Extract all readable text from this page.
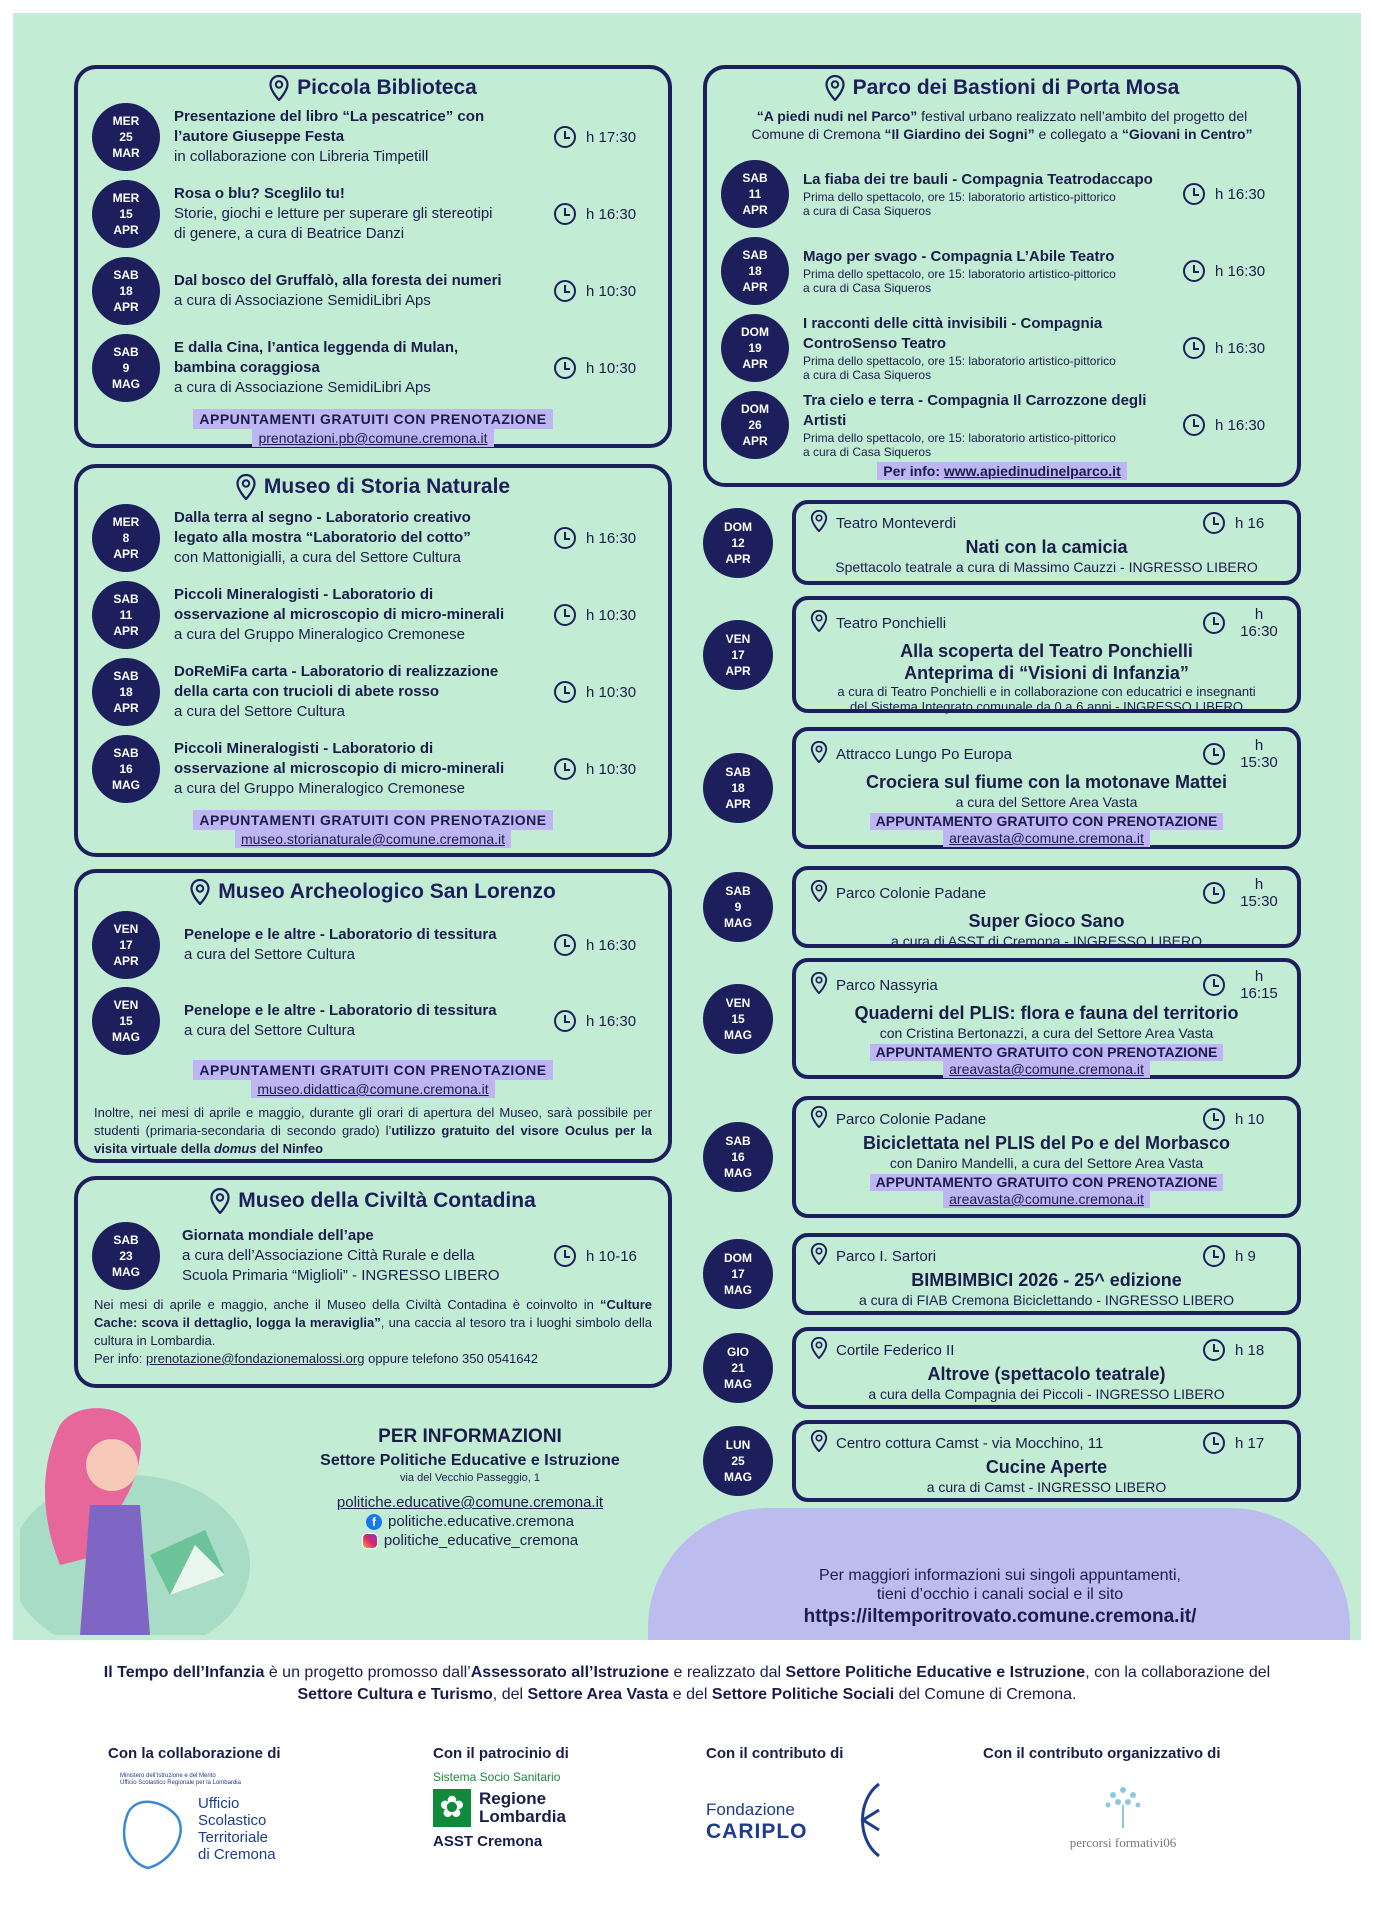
Piccola Biblioteca
MER
25
MAR
Presentazione del libro “La pescatrice” con
l’autore Giuseppe Festa
in collaborazione con Libreria Timpetill
h 17:30
MER
15
APR
Rosa o blu? Sceglilo tu!
Storie, giochi e letture per superare gli stereotipi
di genere, a cura di Beatrice Danzi
h 16:30
SAB
18
APR
Dal bosco del Gruffalò, alla foresta dei numeri
a cura di Associazione SemidiLibri Aps
h 10:30
SAB
9
MAG
E dalla Cina, l’antica leggenda di Mulan,
bambina coraggiosa
a cura di Associazione SemidiLibri Aps
h 10:30
APPUNTAMENTI GRATUITI CON PRENOTAZIONE
prenotazioni.pb@comune.cremona.it
Museo di Storia Naturale
MER
8
APR
Dalla terra al segno - Laboratorio creativo
legato alla mostra “Laboratorio del cotto”
con Mattonigialli, a cura del Settore Cultura
h 16:30
SAB
11
APR
Piccoli Mineralogisti - Laboratorio di
osservazione al microscopio di micro-minerali
a cura del Gruppo Mineralogico Cremonese
h 10:30
SAB
18
APR
DoReMiFa carta - Laboratorio di realizzazione
della carta con trucioli di abete rosso
a cura del Settore Cultura
h 10:30
SAB
16
MAG
Piccoli Mineralogisti - Laboratorio di
osservazione al microscopio di micro-minerali
a cura del Gruppo Mineralogico Cremonese
h 10:30
APPUNTAMENTI GRATUITI CON PRENOTAZIONE
museo.storianaturale@comune.cremona.it
Museo Archeologico San Lorenzo
VEN
17
APR
Penelope e le altre - Laboratorio di tessitura
a cura del Settore Cultura
h 16:30
VEN
15
MAG
Penelope e le altre - Laboratorio di tessitura
a cura del Settore Cultura
h 16:30
APPUNTAMENTI GRATUITI CON PRENOTAZIONE
museo.didattica@comune.cremona.it
Inoltre, nei mesi di aprile e maggio, durante gli orari di apertura del Museo, sarà possibile per studenti (primaria-secondaria di secondo grado) l’utilizzo gratuito del visore Oculus per la visita virtuale della domus del Ninfeo
Museo della Civiltà Contadina
SAB
23
MAG
Giornata mondiale dell’ape
a cura dell’Associazione Città Rurale e della
Scuola Primaria “Miglioli” - INGRESSO LIBERO
h 10-16
Nei mesi di aprile e maggio, anche il Museo della Civiltà Contadina è coinvolto in “Culture Cache: scova il dettaglio, logga la meraviglia”, una caccia al tesoro tra i luoghi simbolo della cultura in Lombardia.
Per info: prenotazione@fondazionemalossi.org oppure telefono 350 0541642
Parco dei Bastioni di Porta Mosa
“A piedi nudi nel Parco” festival urbano realizzato nell’ambito del progetto del
Comune di Cremona “Il Giardino dei Sogni” e collegato a “Giovani in Centro”
SAB
11
APR
La fiaba dei tre bauli - Compagnia Teatrodaccapo
Prima dello spettacolo, ore 15: laboratorio artistico-pittorico
a cura di Casa Siqueros
h 16:30
SAB
18
APR
Mago per svago - Compagnia L’Abile Teatro
Prima dello spettacolo, ore 15: laboratorio artistico-pittorico
a cura di Casa Siqueros
h 16:30
DOM
19
APR
I racconti delle città invisibili - Compagnia
ControSenso Teatro
Prima dello spettacolo, ore 15: laboratorio artistico-pittorico
a cura di Casa Siqueros
h 16:30
DOM
26
APR
Tra cielo e terra - Compagnia Il Carrozzone degli
Artisti
Prima dello spettacolo, ore 15: laboratorio artistico-pittorico
a cura di Casa Siqueros
h 16:30
Per info: www.apiedinudinelparco.it
DOM
12
APR
Teatro Monteverdi	h 16
Nati con la camicia

Spettacolo teatrale a cura di Massimo Cauzzi - INGRESSO LIBERO

VEN
17
APR
Teatro Ponchielli	h 16:30
Alla scoperta del Teatro Ponchielli
Anteprima di “Visioni di Infanzia”

a cura di Teatro Ponchielli e in collaborazione con educatrici e insegnanti

del Sistema Integrato comunale da 0 a 6 anni - INGRESSO LIBERO

SAB
18
APR
Attracco Lungo Po Europa	h 15:30
Crociera sul fiume con la motonave Mattei

a cura del Settore Area Vasta

APPUNTAMENTO GRATUITO CON PRENOTAZIONE
areavasta@comune.cremona.it
SAB
9
MAG
Parco Colonie Padane	h 15:30
Super Gioco Sano

a cura di ASST di Cremona - INGRESSO LIBERO

VEN
15
MAG
Parco Nassyria	h 16:15
Quaderni del PLIS: flora e fauna del territorio

con Cristina Bertonazzi, a cura del Settore Area Vasta

APPUNTAMENTO GRATUITO CON PRENOTAZIONE
areavasta@comune.cremona.it
SAB
16
MAG
Parco Colonie Padane	h 10
Biciclettata nel PLIS del Po e del Morbasco

con Daniro Mandelli, a cura del Settore Area Vasta

APPUNTAMENTO GRATUITO CON PRENOTAZIONE
areavasta@comune.cremona.it
DOM
17
MAG
Parco I. Sartori	h 9
BIMBIMBICI 2026 - 25^ edizione

a cura di FIAB Cremona Biciclettando - INGRESSO LIBERO

GIO
21
MAG
Cortile Federico II	h 18
Altrove (spettacolo teatrale)

a cura della Compagnia dei Piccoli - INGRESSO LIBERO

LUN
25
MAG
Centro cottura Camst - via Mocchino, 11	h 17
Cucine Aperte

a cura di Camst - INGRESSO LIBERO

PER INFORMAZIONI
Settore Politiche Educative e Istruzione
via del Vecchio Passeggio, 1
politiche.educative@comune.cremona.it
f politiche.educative.cremona
politiche_educative_cremona
Per maggiori informazioni sui singoli appuntamenti,
tieni d’occhio i canali social e il sito
https://iltemporitrovato.comune.cremona.it/
Il Tempo dell’Infanzia è un progetto promosso dall’Assessorato all’Istruzione e realizzato dal Settore Politiche Educative e Istruzione, con la collaborazione del
Settore Cultura e Turismo, del Settore Area Vasta e del Settore Politiche Sociali del Comune di Cremona.
Con la collaborazione di	Con il patrocinio di	Con il contributo di	Con il contributo organizzativo di
Ministero dell’Istruzione e del Merito
Ufficio Scolastico Regionale per la Lombardia
Ufficio
Scolastico
Territoriale
di Cremona
Sistema Socio Sanitario
✿ Regione
Lombardia
ASST Cremona
Fondazione
CARIPLO	percorsi formativi06
